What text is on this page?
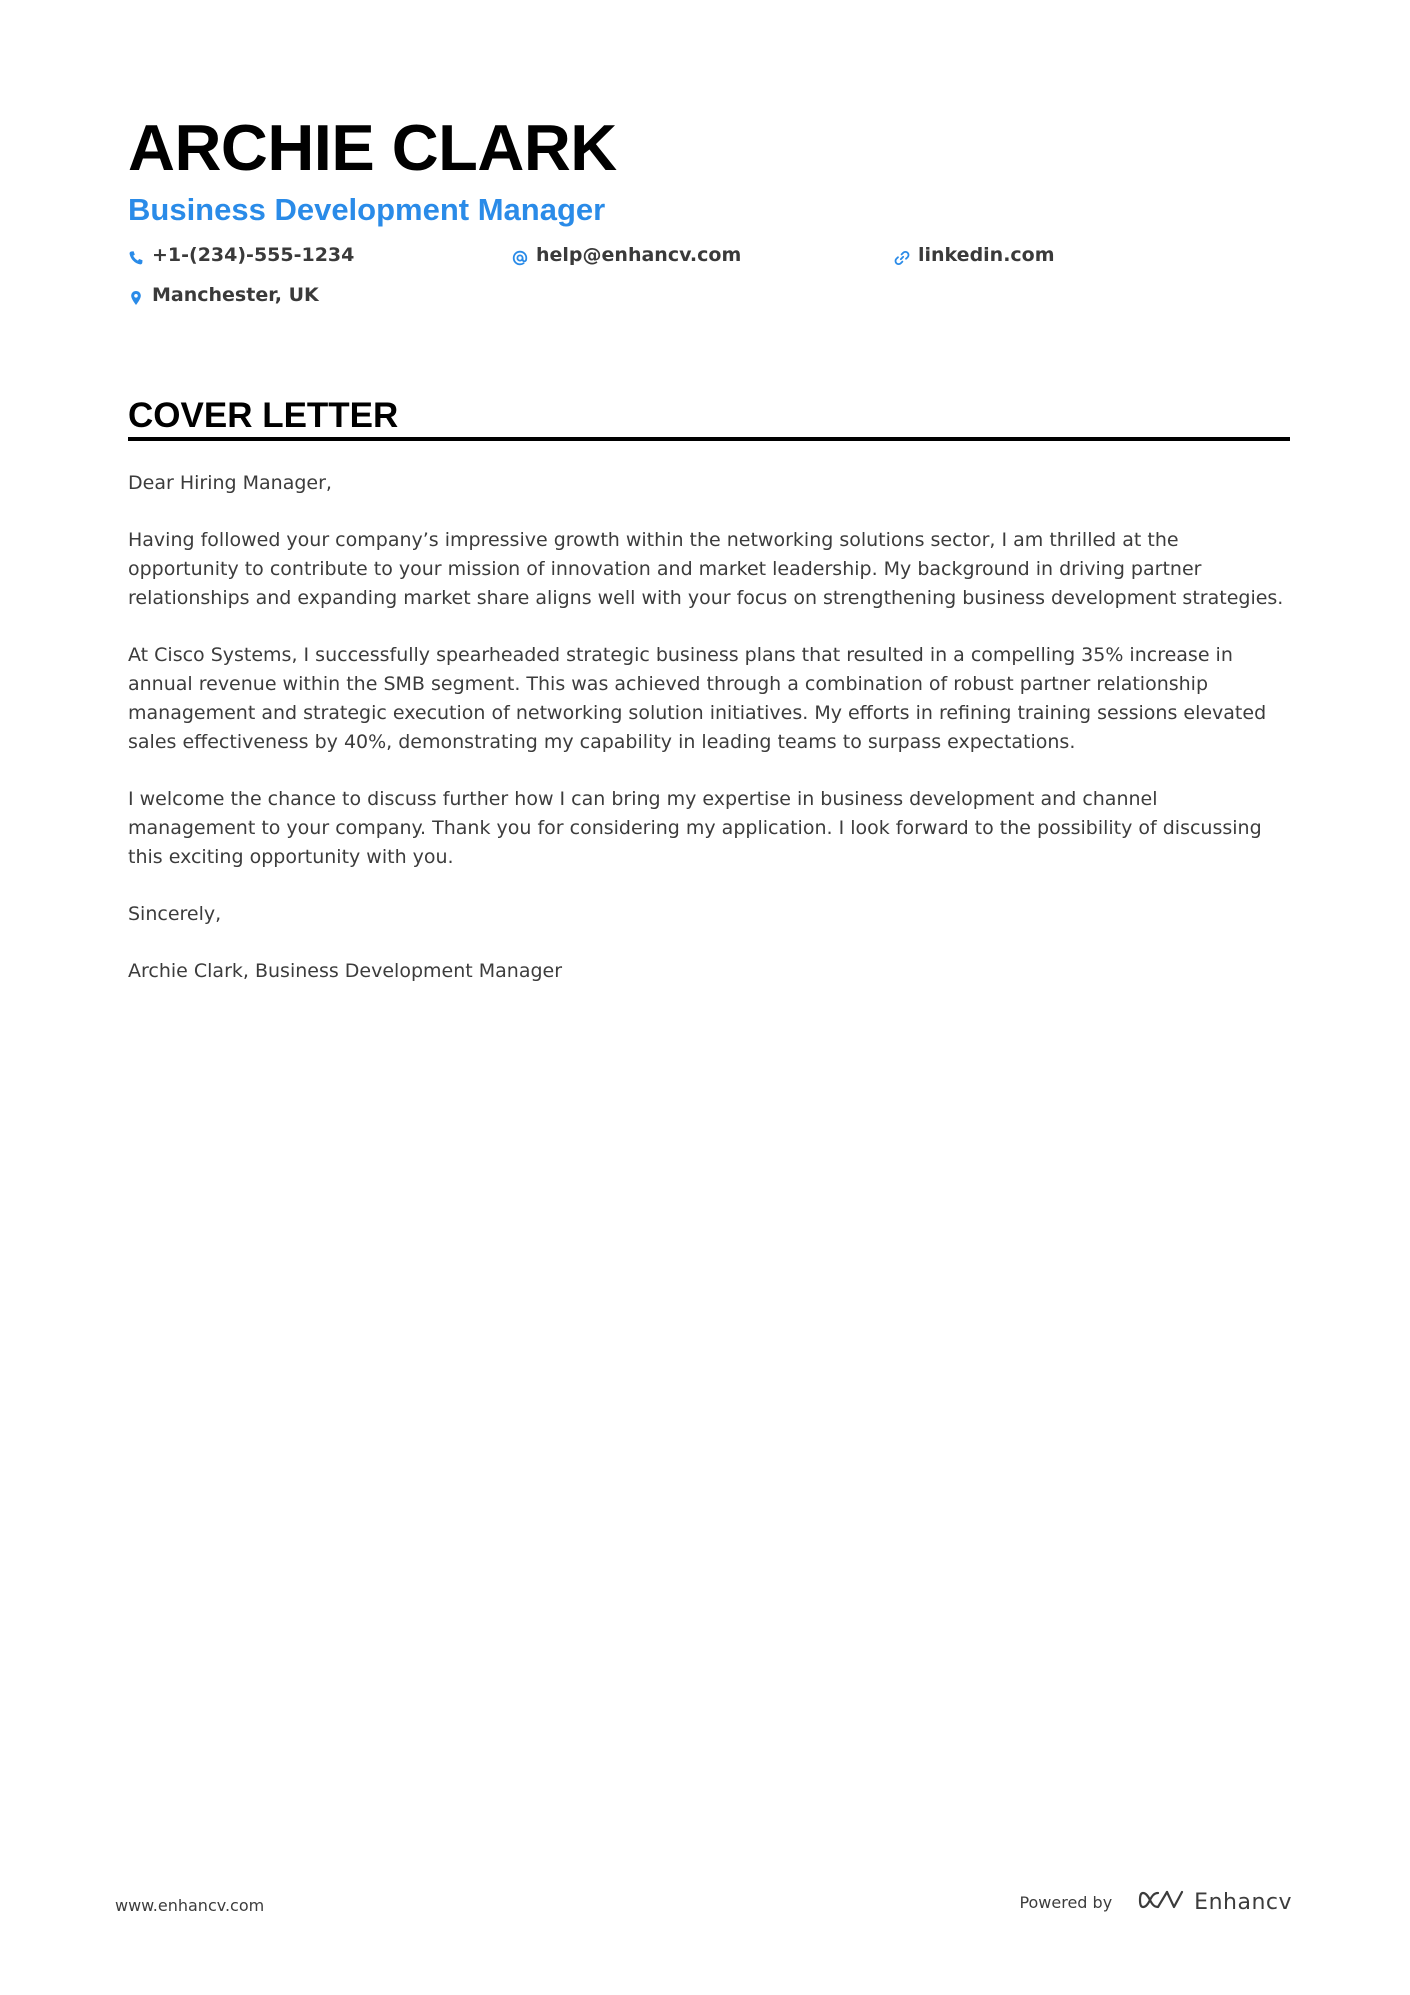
ARCHIE CLARK
Business Development Manager
+1-(234)-555-1234	help@enhancv.com	linkedin.com
Manchester, UK
COVER LETTER

Dear Hiring Manager,

Having followed your company’s impressive growth within the networking solutions sector, I am thrilled at the opportunity to contribute to your mission of innovation and market leadership. My background in driving partner relationships and expanding market share aligns well with your focus on strengthening business development strategies.

At Cisco Systems, I successfully spearheaded strategic business plans that resulted in a compelling 35% increase in annual revenue within the SMB segment. This was achieved through a combination of robust partner relationship management and strategic execution of networking solution initiatives. My efforts in refining training sessions elevated sales effectiveness by 40%, demonstrating my capability in leading teams to surpass expectations.

I welcome the chance to discuss further how I can bring my expertise in business development and channel management to your company. Thank you for considering my application. I look forward to the possibility of discussing this exciting opportunity with you.

Sincerely,

Archie Clark, Business Development Manager

www.enhancv.com	Powered by	Enhancv
